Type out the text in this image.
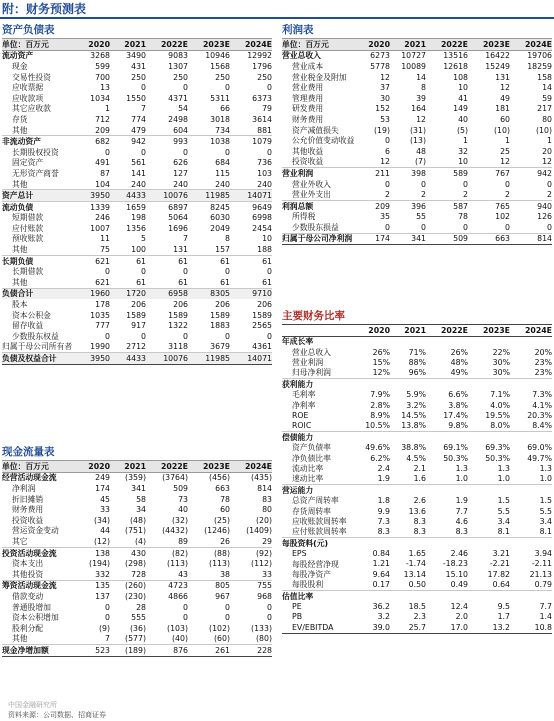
附：财务预测表
资产负债表
单位：百万元	2020	2021	2022E	2023E	2024E
流动资产	3268	3490	9083	10946	12992
现金	599	431	1307	1568	1796
交易性投资	700	250	250	250	250
应收票据	13	0	0	0	0
应收款项	1034	1550	4371	5311	6373
其它应收款	1	7	54	66	79
存货	712	774	2498	3018	3614
其他	209	479	604	734	881
非流动资产	682	942	993	1038	1079
长期股权投资	0	0	0	0	0
固定资产	491	561	626	684	736
无形资产商誉	87	141	127	115	103
其他	104	240	240	240	240
资产总计	3950	4433	10076	11985	14071
流动负债	1339	1659	6897	8245	9649
短期借款	246	198	5064	6030	6998
应付账款	1007	1356	1696	2049	2454
预收账款	11	5	7	8	10
其他	75	100	131	157	188
长期负债	621	61	61	61	61
长期借款	0	0	0	0	0
其他	621	61	61	61	61
负债合计	1960	1720	6958	8305	9710
股本	178	206	206	206	206
资本公积金	1035	1589	1589	1589	1589
留存收益	777	917	1322	1883	2565
少数股东权益	0	0	0	0	0
归属于母公司所有者	1990	2712	3118	3679	4361
负债及权益合计	3950	4433	10076	11985	14071
现金流量表
单位：百万元	2020	2021	2022E	2023E	2024E
经营活动现金流	249	(359)	(3764)	(456)	(435)
净利润	174	341	509	663	814
折旧摊销	45	58	73	78	83
财务费用	33	34	40	60	80
投资收益	(34)	(48)	(32)	(25)	(20)
营运资金变动	44	(751)	(4432)	(1246)	(1409)
其它	(12)	(4)	89	26	29
投资活动现金流	138	430	(82)	(88)	(92)
资本支出	(194)	(298)	(113)	(113)	(112)
其他投资	332	728	43	38	33
筹资活动现金流	135	(260)	4723	805	755
借款变动	137	(230)	4866	967	968
普通股增加	0	28	0	0	0
资本公积增加	0	555	0	0	0
股利分配	(9)	(36)	(103)	(102)	(133)
其他	7	(577)	(40)	(60)	(80)
现金净增加额	523	(189)	876	261	228
利润表
单位：百万元	2020	2021	2022E	2023E	2024E
营业总收入	6273	10727	13516	16422	19706
营业成本	5778	10089	12618	15249	18259
营业税金及附加	12	14	108	131	158
营业费用	37	8	10	12	14
管理费用	30	39	41	49	59
研发费用	152	164	149	181	217
财务费用	53	12	40	60	80
资产减值损失	(19)	(31)	(5)	(10)	(10)
公允价值变动收益	0	(13)	1	1	1
其他收益	6	48	32	25	20
投资收益	12	(7)	10	12	12
营业利润	211	398	589	767	942
营业外收入	0	0	0	0	0
营业外支出	2	2	2	2	2
利润总额	209	396	587	765	940
所得税	35	55	78	102	126
少数股东损益	0	0	0	0	0
归属于母公司净利润	174	341	509	663	814
主要财务比率
2020	2021	2022E	2023E	2024E
年成长率
营业总收入	26%	71%	26%	22%	20%
营业利润	15%	88%	48%	30%	23%
归母净利润	12%	96%	49%	30%	23%
获利能力
毛利率	7.9%	5.9%	6.6%	7.1%	7.3%
净利率	2.8%	3.2%	3.8%	4.0%	4.1%
ROE	8.9%	14.5%	17.4%	19.5%	20.3%
ROIC	10.5%	13.8%	9.8%	8.0%	8.4%
偿债能力
资产负债率	49.6%	38.8%	69.1%	69.3%	69.0%
净负债比率	6.2%	4.5%	50.3%	50.3%	49.7%
流动比率	2.4	2.1	1.3	1.3	1.3
速动比率	1.9	1.6	1.0	1.0	1.0
营运能力
总资产周转率	1.8	2.6	1.9	1.5	1.5
存货周转率	9.9	13.6	7.7	5.5	5.5
应收账款周转率	7.3	8.3	4.6	3.4	3.4
应付账款周转率	8.3	8.3	8.3	8.1	8.1
每股资料(元)
EPS	0.84	1.65	2.46	3.21	3.94
每股经营净现	1.21	-1.74	-18.23	-2.21	-2.11
每股净资产	9.64	13.14	15.10	17.82	21.13
每股股利	0.17	0.50	0.49	0.64	0.79
估值比率
PE	36.2	18.5	12.4	9.5	7.7
PB	3.2	2.3	2.0	1.7	1.4
EV/EBITDA	39.0	25.7	17.0	13.2	10.8
中国金融研究所
资料来源：公司数据、招商证券
